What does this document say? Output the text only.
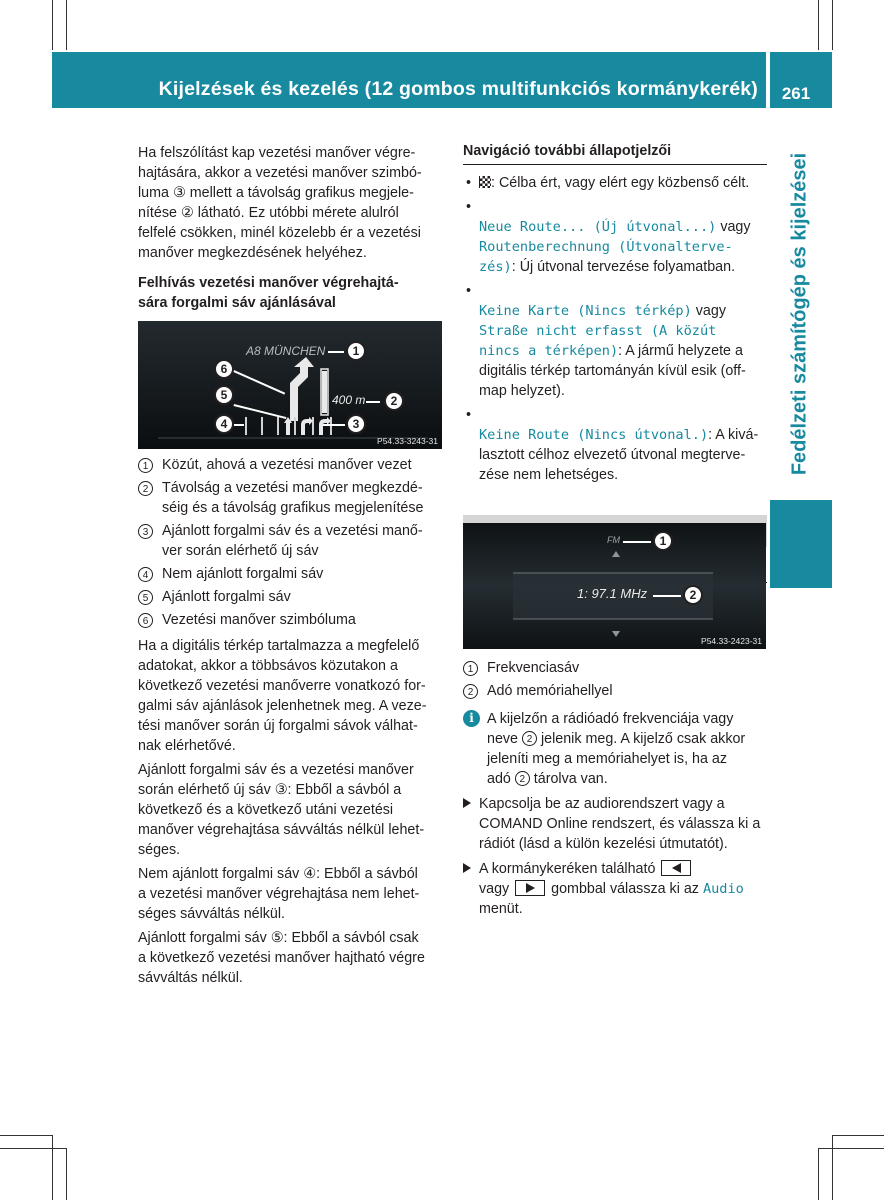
Kijelzések és kezelés (12 gombos multifunkciós kormánykerék)	261
Fedélzeti számítógép és kijelzései

Ha felszólítást kap vezetési manőver végre-
hajtására, akkor a vezetési manőver szimbó-
luma ③ mellett a távolság grafikus megjele-
nítése ② látható. Ez utóbbi mérete alulról
felfelé csökken, minél közelebb ér a vezetési
manőver megkezdésének helyéhez.

Felhívás vezetési manőver végrehajtá-
sára forgalmi sáv ajánlásával

A8 MÜNCHEN
400 m
1
2
3
4
5
6
P54.33-3243-31
1 Közút, ahová a vezetési manőver vezet
2 Távolság a vezetési manőver megkezdé-
séig és a távolság grafikus megjelenítése
3 Ajánlott forgalmi sáv és a vezetési manő-
ver során elérhető új sáv
4 Nem ajánlott forgalmi sáv
5 Ajánlott forgalmi sáv
6 Vezetési manőver szimbóluma

Ha a digitális térkép tartalmazza a megfelelő
adatokat, akkor a többsávos közutakon a
következő vezetési manőverre vonatkozó for-
galmi sáv ajánlások jelenhetnek meg. A veze-
tési manőver során új forgalmi sávok válhat-
nak elérhetővé.

Ajánlott forgalmi sáv és a vezetési manőver
során elérhető új sáv ③: Ebből a sávból a
következő és a következő utáni vezetési
manőver végrehajtása sávváltás nélkül lehet-
séges.

Nem ajánlott forgalmi sáv ④: Ebből a sávból
a vezetési manőver végrehajtása nem lehet-
séges sávváltás nélkül.

Ajánlott forgalmi sáv ⑤: Ebből a sávból csak
a következő vezetési manőver hajtható végre
sávváltás nélkül.

Navigáció további állapotjelzői
• : Célba ért, vagy elért egy közbenső célt.

•
Neue Route... (Új útvonal...) vagy
Routenberechnung (Útvonalterve-
zés): Új útvonal tervezése folyamatban.

•
Keine Karte (Nincs térkép) vagy
Straße nicht erfasst (A közút
nincs a térképen): A jármű helyzete a
digitális térkép tartományán kívül esik (off-
map helyzet).

•
Keine Route (Nincs útvonal.): A kivá-
lasztott célhoz elvezető útvonal megterve-
zése nem lehetséges.

FM
1: 97.1 MHz
1
2
P54.33-2423-31
1 Frekvenciasáv
2 Adó memóriahellyel
i A kijelzőn a rádióadó frekvenciája vagy
neve 2 jelenik meg. A kijelző csak akkor
jeleníti meg a memóriahelyet is, ha az
adó 2 tárolva van.
Kapcsolja be az audiorendszert vagy a
COMAND Online rendszert, és válassza ki a
rádiót (lásd a külön kezelési útmutatót).
A kormánykeréken található
vagy	gombbal válassza ki az Audio
menüt.
